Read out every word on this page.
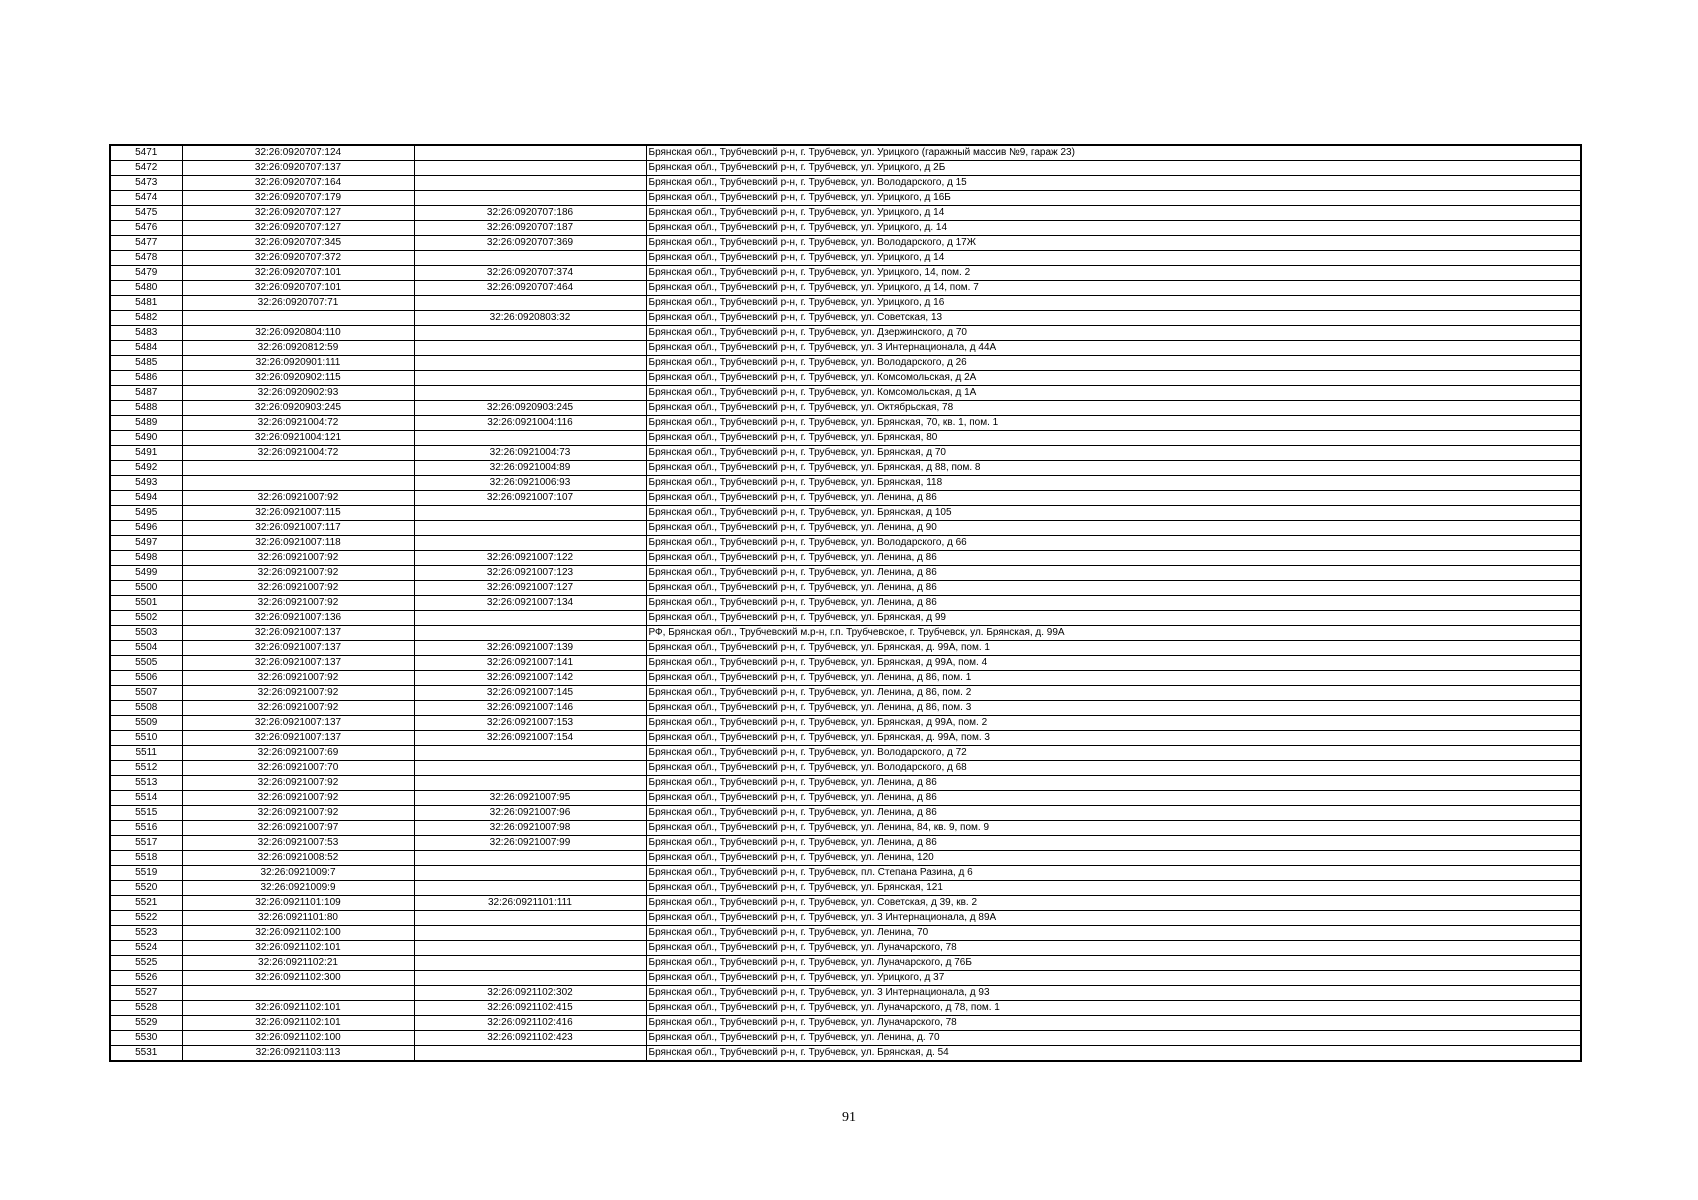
5471	32:26:0920707:124		Брянская обл., Трубчевский р-н, г. Трубчевск, ул. Урицкого (гаражный массив №9, гараж 23)
5472	32:26:0920707:137		Брянская обл., Трубчевский р-н, г. Трубчевск, ул. Урицкого, д 2Б
5473	32:26:0920707:164		Брянская обл., Трубчевский р-н, г. Трубчевск, ул. Володарского, д 15
5474	32:26:0920707:179		Брянская обл., Трубчевский р-н, г. Трубчевск, ул. Урицкого, д 16Б
5475	32:26:0920707:127	32:26:0920707:186	Брянская обл., Трубчевский р-н, г. Трубчевск, ул. Урицкого, д 14
5476	32:26:0920707:127	32:26:0920707:187	Брянская обл., Трубчевский р-н, г. Трубчевск, ул. Урицкого, д. 14
5477	32:26:0920707:345	32:26:0920707:369	Брянская обл., Трубчевский р-н, г. Трубчевск, ул. Володарского, д 17Ж
5478	32:26:0920707:372		Брянская обл., Трубчевский р-н, г. Трубчевск, ул. Урицкого, д 14
5479	32:26:0920707:101	32:26:0920707:374	Брянская обл., Трубчевский р-н, г. Трубчевск, ул. Урицкого, 14, пом. 2
5480	32:26:0920707:101	32:26:0920707:464	Брянская обл., Трубчевский р-н, г. Трубчевск, ул. Урицкого, д 14, пом. 7
5481	32:26:0920707:71		Брянская обл., Трубчевский р-н, г. Трубчевск, ул. Урицкого, д 16
5482		32:26:0920803:32	Брянская обл., Трубчевский р-н, г. Трубчевск, ул. Советская, 13
5483	32:26:0920804:110		Брянская обл., Трубчевский р-н, г. Трубчевск, ул. Дзержинского, д 70
5484	32:26:0920812:59		Брянская обл., Трубчевский р-н, г. Трубчевск, ул. 3 Интернационала, д 44А
5485	32:26:0920901:111		Брянская обл., Трубчевский р-н, г. Трубчевск, ул. Володарского, д 26
5486	32:26:0920902:115		Брянская обл., Трубчевский р-н, г. Трубчевск, ул. Комсомольская, д 2А
5487	32:26:0920902:93		Брянская обл., Трубчевский р-н, г. Трубчевск, ул. Комсомольская, д 1А
5488	32:26:0920903:245	32:26:0920903:245	Брянская обл., Трубчевский р-н, г. Трубчевск, ул. Октябрьская, 78
5489	32:26:0921004:72	32:26:0921004:116	Брянская обл., Трубчевский р-н, г. Трубчевск, ул. Брянская, 70, кв. 1, пом. 1
5490	32:26:0921004:121		Брянская обл., Трубчевский р-н, г. Трубчевск, ул. Брянская, 80
5491	32:26:0921004:72	32:26:0921004:73	Брянская обл., Трубчевский р-н, г. Трубчевск, ул. Брянская, д 70
5492		32:26:0921004:89	Брянская обл., Трубчевский р-н, г. Трубчевск, ул. Брянская, д 88, пом. 8
5493		32:26:0921006:93	Брянская обл., Трубчевский р-н, г. Трубчевск, ул. Брянская, 118
5494	32:26:0921007:92	32:26:0921007:107	Брянская обл., Трубчевский р-н, г. Трубчевск, ул. Ленина, д 86
5495	32:26:0921007:115		Брянская обл., Трубчевский р-н, г. Трубчевск, ул. Брянская, д 105
5496	32:26:0921007:117		Брянская обл., Трубчевский р-н, г. Трубчевск, ул. Ленина, д 90
5497	32:26:0921007:118		Брянская обл., Трубчевский р-н, г. Трубчевск, ул. Володарского, д 66
5498	32:26:0921007:92	32:26:0921007:122	Брянская обл., Трубчевский р-н, г. Трубчевск, ул. Ленина, д 86
5499	32:26:0921007:92	32:26:0921007:123	Брянская обл., Трубчевский р-н, г. Трубчевск, ул. Ленина, д 86
5500	32:26:0921007:92	32:26:0921007:127	Брянская обл., Трубчевский р-н, г. Трубчевск, ул. Ленина, д 86
5501	32:26:0921007:92	32:26:0921007:134	Брянская обл., Трубчевский р-н, г. Трубчевск, ул. Ленина, д 86
5502	32:26:0921007:136		Брянская обл., Трубчевский р-н, г. Трубчевск, ул. Брянская, д 99
5503	32:26:0921007:137		РФ, Брянская обл., Трубчевский м.р-н, г.п. Трубчевское, г. Трубчевск, ул. Брянская, д. 99А
5504	32:26:0921007:137	32:26:0921007:139	Брянская обл., Трубчевский р-н, г. Трубчевск, ул. Брянская, д. 99А, пом. 1
5505	32:26:0921007:137	32:26:0921007:141	Брянская обл., Трубчевский р-н, г. Трубчевск, ул. Брянская, д 99А, пом. 4
5506	32:26:0921007:92	32:26:0921007:142	Брянская обл., Трубчевский р-н, г. Трубчевск, ул. Ленина, д 86, пом. 1
5507	32:26:0921007:92	32:26:0921007:145	Брянская обл., Трубчевский р-н, г. Трубчевск, ул. Ленина, д 86, пом. 2
5508	32:26:0921007:92	32:26:0921007:146	Брянская обл., Трубчевский р-н, г. Трубчевск, ул. Ленина, д 86, пом. 3
5509	32:26:0921007:137	32:26:0921007:153	Брянская обл., Трубчевский р-н, г. Трубчевск, ул. Брянская, д 99А, пом. 2
5510	32:26:0921007:137	32:26:0921007:154	Брянская обл., Трубчевский р-н, г. Трубчевск, ул. Брянская, д. 99А, пом. 3
5511	32:26:0921007:69		Брянская обл., Трубчевский р-н, г. Трубчевск, ул. Володарского, д 72
5512	32:26:0921007:70		Брянская обл., Трубчевский р-н, г. Трубчевск, ул. Володарского, д 68
5513	32:26:0921007:92		Брянская обл., Трубчевский р-н, г. Трубчевск, ул. Ленина, д 86
5514	32:26:0921007:92	32:26:0921007:95	Брянская обл., Трубчевский р-н, г. Трубчевск, ул. Ленина, д 86
5515	32:26:0921007:92	32:26:0921007:96	Брянская обл., Трубчевский р-н, г. Трубчевск, ул. Ленина, д 86
5516	32:26:0921007:97	32:26:0921007:98	Брянская обл., Трубчевский р-н, г. Трубчевск, ул. Ленина, 84, кв. 9, пом. 9
5517	32:26:0921007:53	32:26:0921007:99	Брянская обл., Трубчевский р-н, г. Трубчевск, ул. Ленина, д 86
5518	32:26:0921008:52		Брянская обл., Трубчевский р-н, г. Трубчевск, ул. Ленина, 120
5519	32:26:0921009:7		Брянская обл., Трубчевский р-н, г. Трубчевск, пл. Степана Разина, д 6
5520	32:26:0921009:9		Брянская обл., Трубчевский р-н, г. Трубчевск, ул. Брянская, 121
5521	32:26:0921101:109	32:26:0921101:111	Брянская обл., Трубчевский р-н, г. Трубчевск, ул. Советская, д 39, кв. 2
5522	32:26:0921101:80		Брянская обл., Трубчевский р-н, г. Трубчевск, ул. 3 Интернационала, д 89А
5523	32:26:0921102:100		Брянская обл., Трубчевский р-н, г. Трубчевск, ул. Ленина, 70
5524	32:26:0921102:101		Брянская обл., Трубчевский р-н, г. Трубчевск, ул. Луначарского, 78
5525	32:26:0921102:21		Брянская обл., Трубчевский р-н, г. Трубчевск, ул. Луначарского, д 76Б
5526	32:26:0921102:300		Брянская обл., Трубчевский р-н, г. Трубчевск, ул. Урицкого, д 37
5527		32:26:0921102:302	Брянская обл., Трубчевский р-н, г. Трубчевск, ул. 3 Интернационала, д 93
5528	32:26:0921102:101	32:26:0921102:415	Брянская обл., Трубчевский р-н, г. Трубчевск, ул. Луначарского, д 78, пом. 1
5529	32:26:0921102:101	32:26:0921102:416	Брянская обл., Трубчевский р-н, г. Трубчевск, ул. Луначарского, 78
5530	32:26:0921102:100	32:26:0921102:423	Брянская обл., Трубчевский р-н, г. Трубчевск, ул. Ленина, д. 70
5531	32:26:0921103:113		Брянская обл., Трубчевский р-н, г. Трубчевск, ул. Брянская, д. 54
91
